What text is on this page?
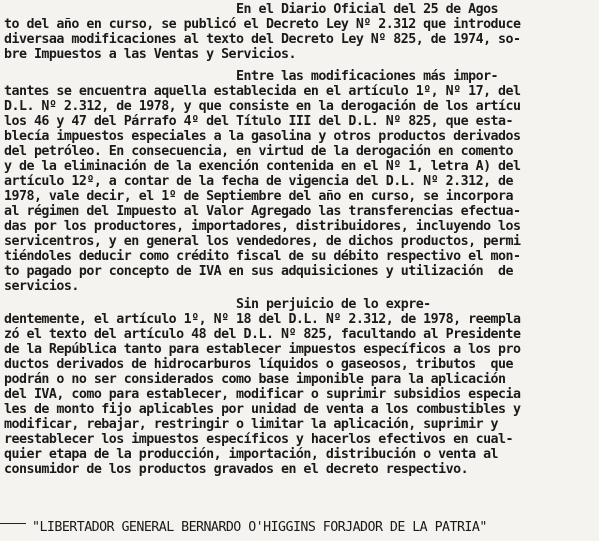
En el Diario Oficial del 25 de Agos
to del año en curso, se publicó el Decreto Ley Nº 2.312 que introduce
diversaa modificaciones al texto del Decreto Ley Nº 825, de 1974, so-
bre Impuestos a las Ventas y Servicios.
Entre las modificaciones más impor-
tantes se encuentra aquella establecida en el artículo 1º, Nº 17, del
D.L. Nº 2.312, de 1978, y que consiste en la derogación de los artícu
los 46 y 47 del Párrafo 4º del Título III del D.L. Nº 825, que esta-
blecía impuestos especiales a la gasolina y otros productos derivados
del petróleo. En consecuencia, en virtud de la derogación en comento
y de la eliminación de la exención contenida en el Nº 1, letra A) del
artículo 12º, a contar de la fecha de vigencia del D.L. Nº 2.312, de
1978, vale decir, el 1º de Septiembre del año en curso, se incorpora
al régimen del Impuesto al Valor Agregado las transferencias efectua-
das por los productores, importadores, distribuidores, incluyendo los
servicentros, y en general los vendedores, de dichos productos, permi
tiéndoles deducir como crédito fiscal de su débito respectivo el mon-
to pagado por concepto de IVA en sus adquisiciones y utilización  de
servicios.
Sin perjuicio de lo expre-
dentemente, el artículo 1º, Nº 18 del D.L. Nº 2.312, de 1978, reempla
zó el texto del artículo 48 del D.L. Nº 825, facultando al Presidente
de la República tanto para establecer impuestos específicos a los pro
ductos derivados de hidrocarburos líquidos o gaseosos, tributos  que
podrán o no ser considerados como base imponible para la aplicación
del IVA, como para establecer, modificar o suprimir subsidios especia
les de monto fijo aplicables por unidad de venta a los combustibles y
modificar, rebajar, restringir o limitar la aplicación, suprimir y
reestablecer los impuestos específicos y hacerlos efectivos en cual-
quier etapa de la producción, importación, distribución o venta al
consumidor de los productos gravados en el decreto respectivo.
"LIBERTADOR GENERAL BERNARDO O'HIGGINS FORJADOR DE LA PATRIA"
